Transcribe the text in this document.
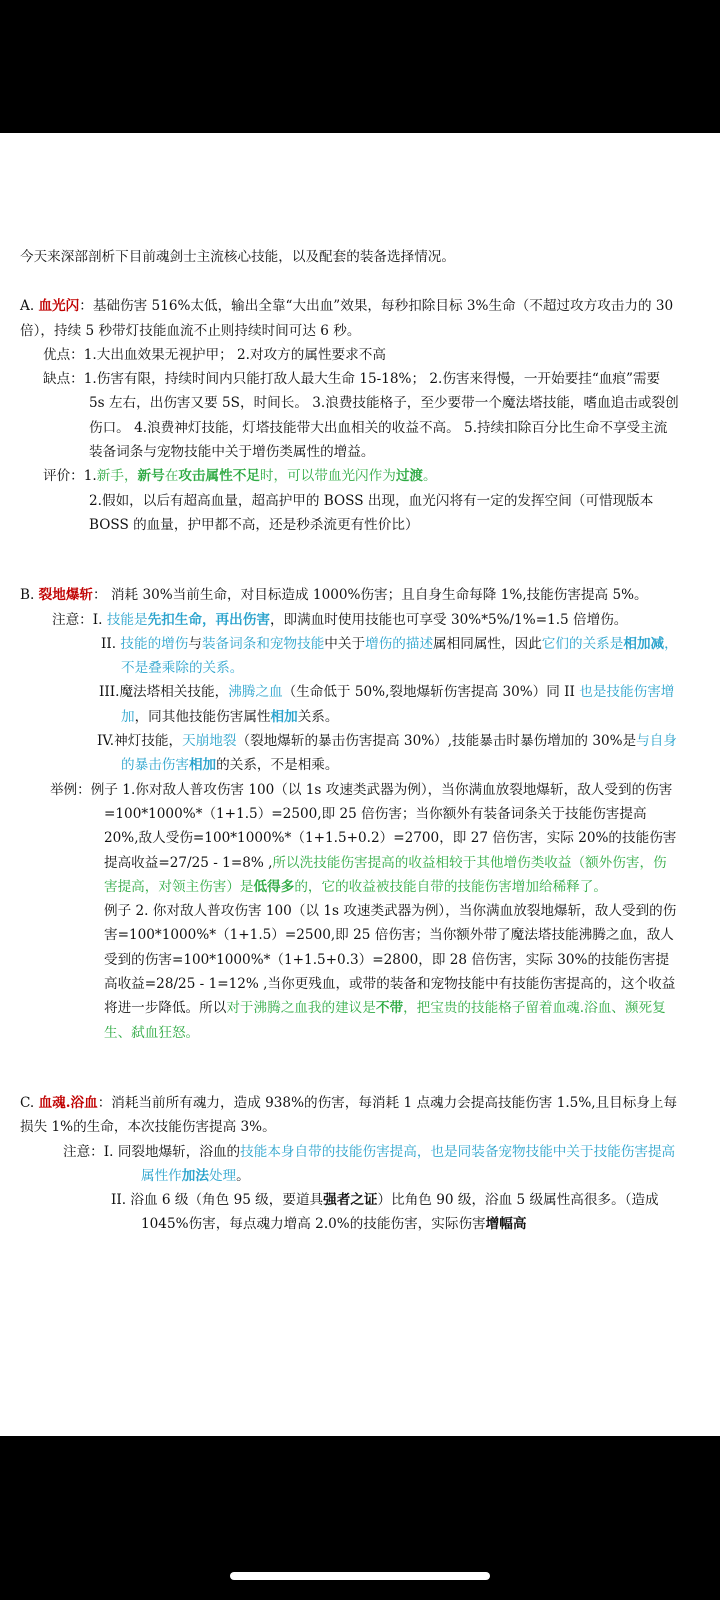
今天来深部剖析下目前魂剑士主流核心技能，以及配套的装备选择情况。

A. 血光闪：基础伤害 516%太低，输出全靠“大出血”效果，每秒扣除目标 3%生命（不超过攻方攻击力的 30 倍），持续 5 秒带灯技能血流不止则持续时间可达 6 秒。

优点：1.大出血效果无视护甲； 2.对攻方的属性要求不高

缺点：1.伤害有限，持续时间内只能打敌人最大生命 15-18%； 2.伤害来得慢，一开始要挂“血痕”需要 5s 左右，出伤害又要 5S，时间长。 3.浪费技能格子，至少要带一个魔法塔技能，嗜血追击或裂创伤口。 4.浪费神灯技能，灯塔技能带大出血相关的收益不高。 5.持续扣除百分比生命不享受主流装备词条与宠物技能中关于增伤类属性的增益。

评价：1.新手，新号在攻击属性不足时，可以带血光闪作为过渡。

2.假如，以后有超高血量，超高护甲的 BOSS 出现，血光闪将有一定的发挥空间（可惜现版本 BOSS 的血量，护甲都不高，还是秒杀流更有性价比）

B. 裂地爆斩： 消耗 30%当前生命，对目标造成 1000%伤害；且自身生命每降 1%,技能伤害提高 5%。

注意：I. 技能是先扣生命，再出伤害，即满血时使用技能也可享受 30%*5%/1%=1.5 倍增伤。

II. 技能的增伤与装备词条和宠物技能中关于增伤的描述属相同属性，因此它们的关系是相加减，不是叠乘除的关系。

III.魔法塔相关技能，沸腾之血（生命低于 50%,裂地爆斩伤害提高 30%）同 II 也是技能伤害增加，同其他技能伤害属性相加关系。

IV.神灯技能，天崩地裂（裂地爆斩的暴击伤害提高 30%）,技能暴击时暴伤增加的 30%是与自身的暴击伤害相加的关系，不是相乘。

举例：例子 1.你对敌人普攻伤害 100（以 1s 攻速类武器为例），当你满血放裂地爆斩，敌人受到的伤害=100*1000%*（1+1.5）=2500,即 25 倍伤害；当你额外有装备词条关于技能伤害提高 20%,敌人受伤=100*1000%*（1+1.5+0.2）=2700，即 27 倍伤害，实际 20%的技能伤害提高收益=27/25 - 1=8% ,所以洗技能伤害提高的收益相较于其他增伤类收益（额外伤害，伤害提高，对领主伤害）是低得多的，它的收益被技能自带的技能伤害增加给稀释了。

例子 2. 你对敌人普攻伤害 100（以 1s 攻速类武器为例），当你满血放裂地爆斩，敌人受到的伤害=100*1000%*（1+1.5）=2500,即 25 倍伤害；当你额外带了魔法塔技能沸腾之血，敌人受到的伤害=100*1000%*（1+1.5+0.3）=2800，即 28 倍伤害，实际 30%的技能伤害提高收益=28/25 - 1=12% ,当你更残血，或带的装备和宠物技能中有技能伤害提高的，这个收益将进一步降低。所以对于沸腾之血我的建议是不带，把宝贵的技能格子留着血魂.浴血、濒死复生、弑血狂怒。

C. 血魂.浴血：消耗当前所有魂力，造成 938%的伤害，每消耗 1 点魂力会提高技能伤害 1.5%,且目标身上每损失 1%的生命，本次技能伤害提高 3%。

注意：I. 同裂地爆斩，浴血的技能本身自带的技能伤害提高，也是同装备宠物技能中关于技能伤害提高属性作加法处理。

II. 浴血 6 级（角色 95 级，要道具强者之证）比角色 90 级，浴血 5 级属性高很多。（造成 1045%伤害，每点魂力增高 2.0%的技能伤害，实际伤害增幅高
